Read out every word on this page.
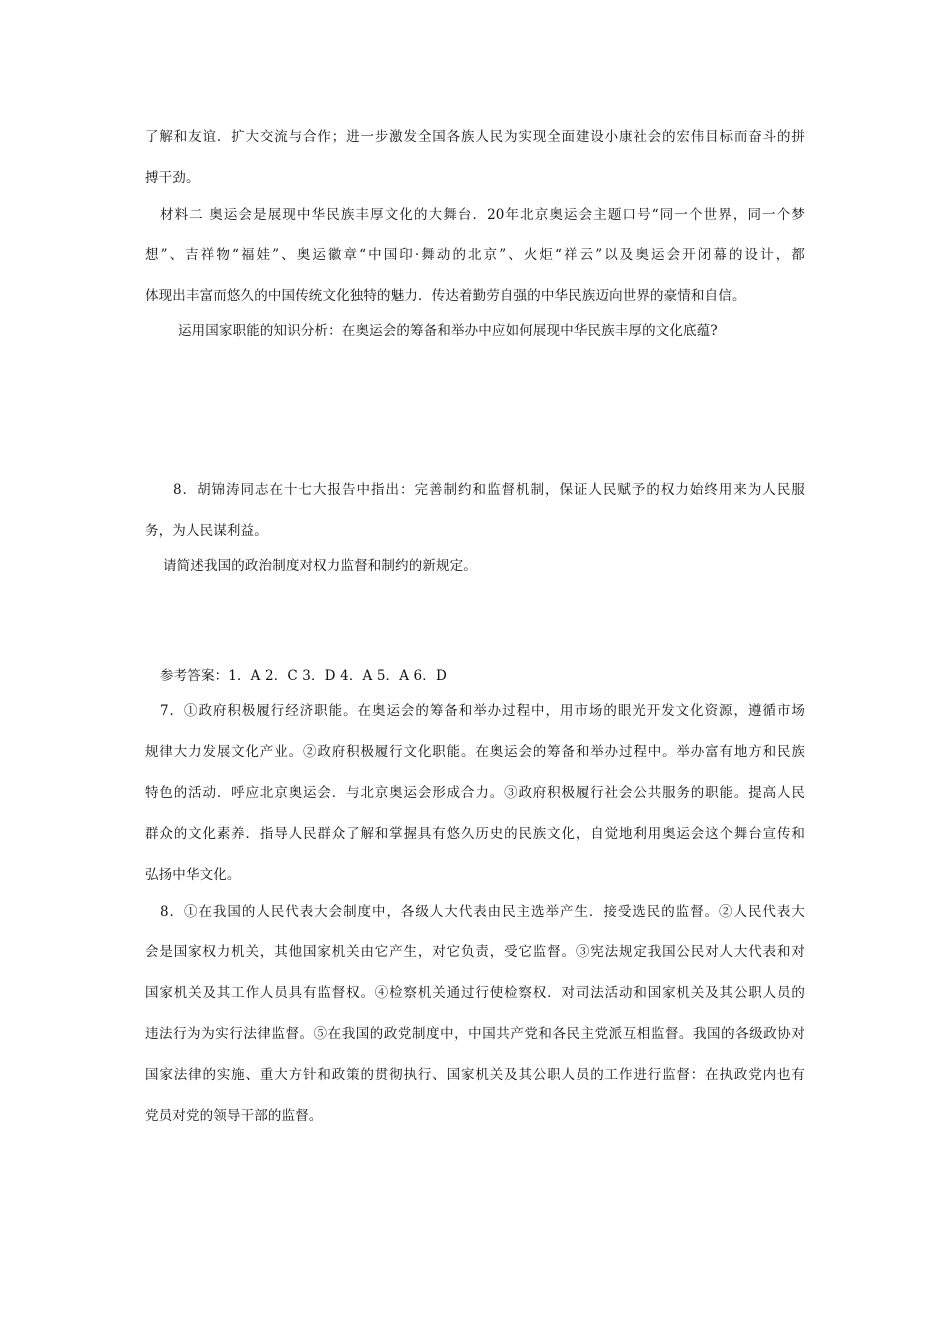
了解和友谊．扩大交流与合作；进一步激发全国各族人民为实现全面建设小康社会的宏伟目标而奋斗的拼
搏干劲。
材料二 奥运会是展现中华民族丰厚文化的大舞台．20年北京奥运会主题口号“同一个世界，同一个梦
想”、吉祥物“福娃”、奥运徽章“中国印·舞动的北京”、火炬“祥云”以及奥运会开闭幕的设计，都
体现出丰富而悠久的中国传统文化独特的魅力．传达着勤劳自强的中华民族迈向世界的豪情和自信。
运用国家职能的知识分析：在奥运会的筹备和举办中应如何展现中华民族丰厚的文化底蕴?
8．胡锦涛同志在十七大报告中指出：完善制约和监督机制，保证人民赋予的权力始终用来为人民服
务，为人民谋利益。
请简述我国的政治制度对权力监督和制约的新规定。
参考答案：1．A 2．C 3．D 4．A 5．A 6．D
7．①政府积极履行经济职能。在奥运会的筹备和举办过程中，用市场的眼光开发文化资源，遵循市场
规律大力发展文化产业。②政府积极履行文化职能。在奥运会的筹备和举办过程中。举办富有地方和民族
特色的活动．呼应北京奥运会．与北京奥运会形成合力。③政府积极履行社会公共服务的职能。提高人民
群众的文化素养．指导人民群众了解和掌握具有悠久历史的民族文化，自觉地利用奥运会这个舞台宣传和
弘扬中华文化。
8．①在我国的人民代表大会制度中，各级人大代表由民主选举产生．接受选民的监督。②人民代表大
会是国家权力机关，其他国家机关由它产生，对它负责，受它监督。③宪法规定我国公民对人大代表和对
国家机关及其工作人员具有监督权。④检察机关通过行使检察权．对司法活动和国家机关及其公职人员的
违法行为为实行法律监督。⑤在我国的政党制度中，中国共产党和各民主党派互相监督。我国的各级政协对
国家法律的实施、重大方针和政策的贯彻执行、国家机关及其公职人员的工作进行监督：在执政党内也有
党员对党的领导干部的监督。
